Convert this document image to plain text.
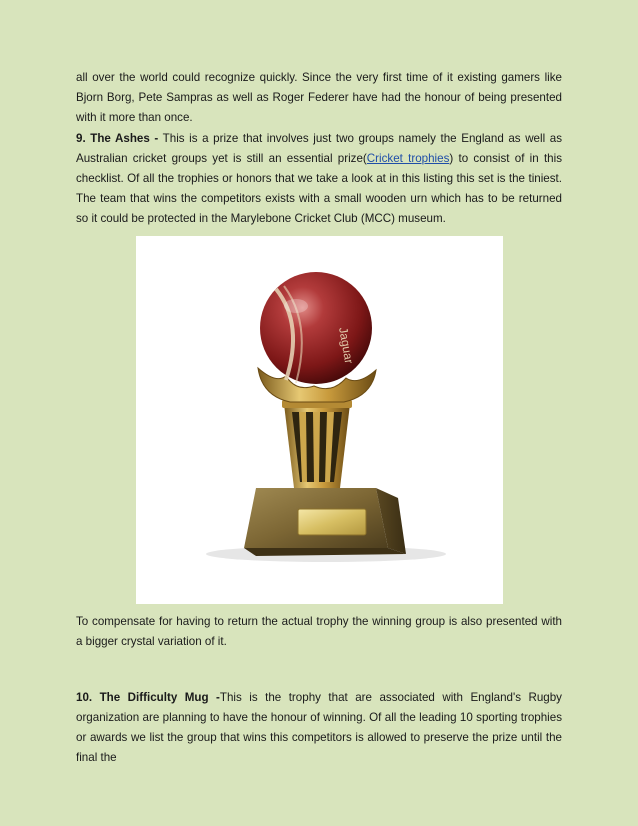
all over the world could recognize quickly. Since the very first time of it existing gamers like Bjorn Borg, Pete Sampras as well as Roger Federer have had the honour of being presented with it more than once.

9. The Ashes - This is a prize that involves just two groups namely the England as well as Australian cricket groups yet is still an essential prize(Cricket trophies) to consist of in this checklist. Of all the trophies or honors that we take a look at in this listing this set is the tiniest. The team that wins the competitors exists with a small wooden urn which has to be returned so it could be protected in the Marylebone Cricket Club (MCC) museum.

Jaguar

To compensate for having to return the actual trophy the winning group is also presented with a bigger crystal variation of it.

10. The Difficulty Mug -This is the trophy that are associated with England's Rugby organization are planning to have the honour of winning. Of all the leading 10 sporting trophies or awards we list the group that wins this competitors is allowed to preserve the prize until the final the
